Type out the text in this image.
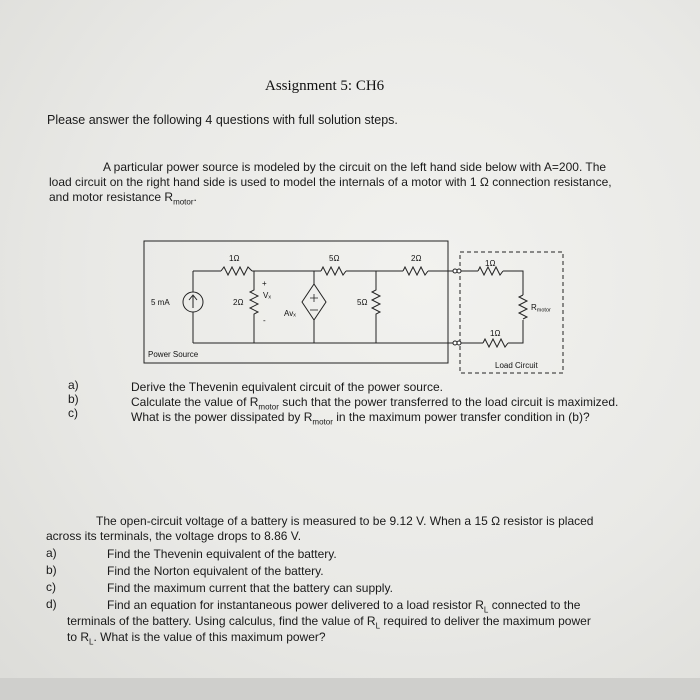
Assignment 5: CH6
Please answer the following 4 questions with full solution steps.
A particular power source is modeled by the circuit on the left hand side below with A=200. The
load circuit on the right hand side is used to model the internals of a motor with 1 Ω connection resistance,
and motor resistance $R_{motor}$.
1Ω
5 mA	2Ω
+
Vₓ
-
Avₓ
5Ω
5Ω
2Ω
1Ω
Rmotor
1Ω
Power Source
Load Circuit
a)
b)
c)
Derive the Thevenin equivalent circuit of the power source.
Calculate the value of $R_{motor}$ such that the power transferred to the load circuit is maximized.
What is the power dissipated by $R_{motor}$ in the maximum power transfer condition in (b)?
The open-circuit voltage of a battery is measured to be 9.12 V. When a 15 Ω resistor is placed
across its terminals, the voltage drops to 8.86 V.
a)
b)
c)
d)
Find the Thevenin equivalent of the battery.
Find the Norton equivalent of the battery.
Find the maximum current that the battery can supply.
Find an equation for instantaneous power delivered to a load resistor $R_L$ connected to the
terminals of the battery. Using calculus, find the value of $R_L$ required to deliver the maximum power
to $R_L$. What is the value of this maximum power?
